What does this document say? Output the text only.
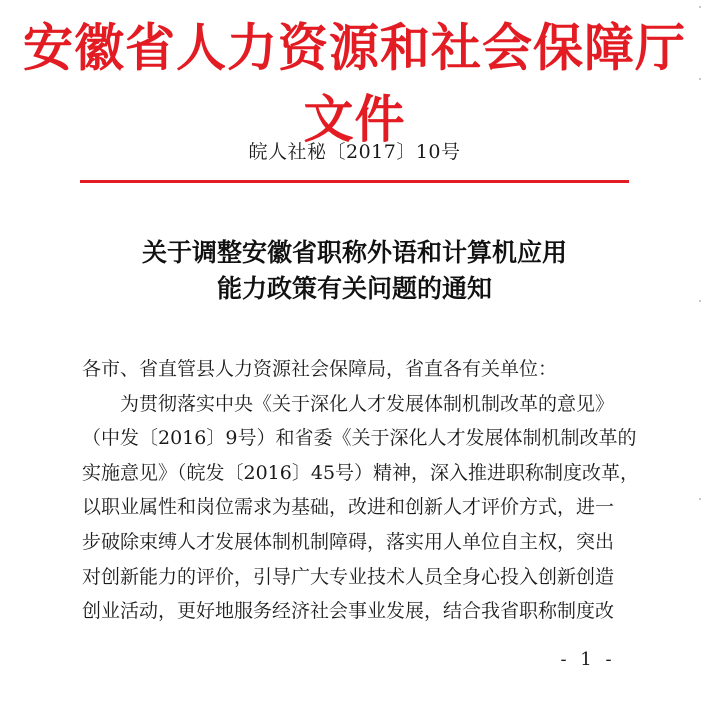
安徽省人力资源和社会保障厅文件
皖人社秘〔2017〕10号
关于调整安徽省职称外语和计算机应用
能力政策有关问题的通知
各市、省直管县人力资源社会保障局，省直各有关单位：
为贯彻落实中央《关于深化人才发展体制机制改革的意见》
（中发〔2016〕9号）和省委《关于深化人才发展体制机制改革的
实施意见》（皖发〔2016〕45号）精神，深入推进职称制度改革，
以职业属性和岗位需求为基础，改进和创新人才评价方式，进一
步破除束缚人才发展体制机制障碍，落实用人单位自主权，突出
对创新能力的评价，引导广大专业技术人员全身心投入创新创造
创业活动，更好地服务经济社会事业发展，结合我省职称制度改
- 1 -
